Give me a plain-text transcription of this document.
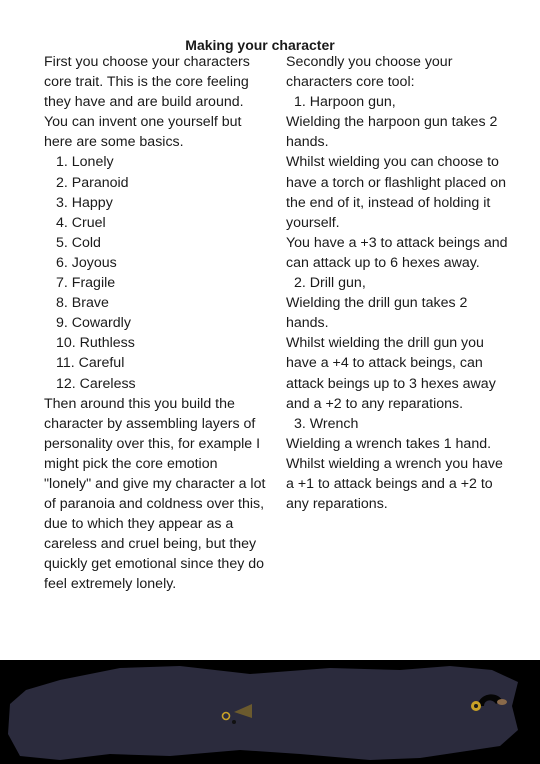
Making your character

First you choose your characters core trait. This is the core feeling they have and are build around. You can invent one yourself but here are some basics.

1. Lonely
2. Paranoid
3. Happy
4. Cruel
5. Cold
6. Joyous
7. Fragile
8. Brave
9. Cowardly
10. Ruthless
11. Careful
12. Careless

Then around this you build the character by assembling layers of personality over this, for example I might pick the core emotion "lonely" and give my character a lot of paranoia and coldness over this, due to which they appear as a careless and cruel being, but they quickly get emotional since they do feel extremely lonely.

Secondly you choose your characters core tool:

1. Harpoon gun,

Wielding the harpoon gun takes 2 hands.

Whilst wielding you can choose to have a torch or flashlight placed on the end of it, instead of holding it yourself.

You have a +3 to attack beings and can attack up to 6 hexes away.

2. Drill gun,

Wielding the drill gun takes 2 hands.

Whilst wielding the drill gun you have a +4 to attack beings, can attack beings up to 3 hexes away and a +2 to any reparations.

3. Wrench

Wielding a wrench takes 1 hand.

Whilst wielding a wrench you have a +1 to attack beings and a +2 to any reparations.
